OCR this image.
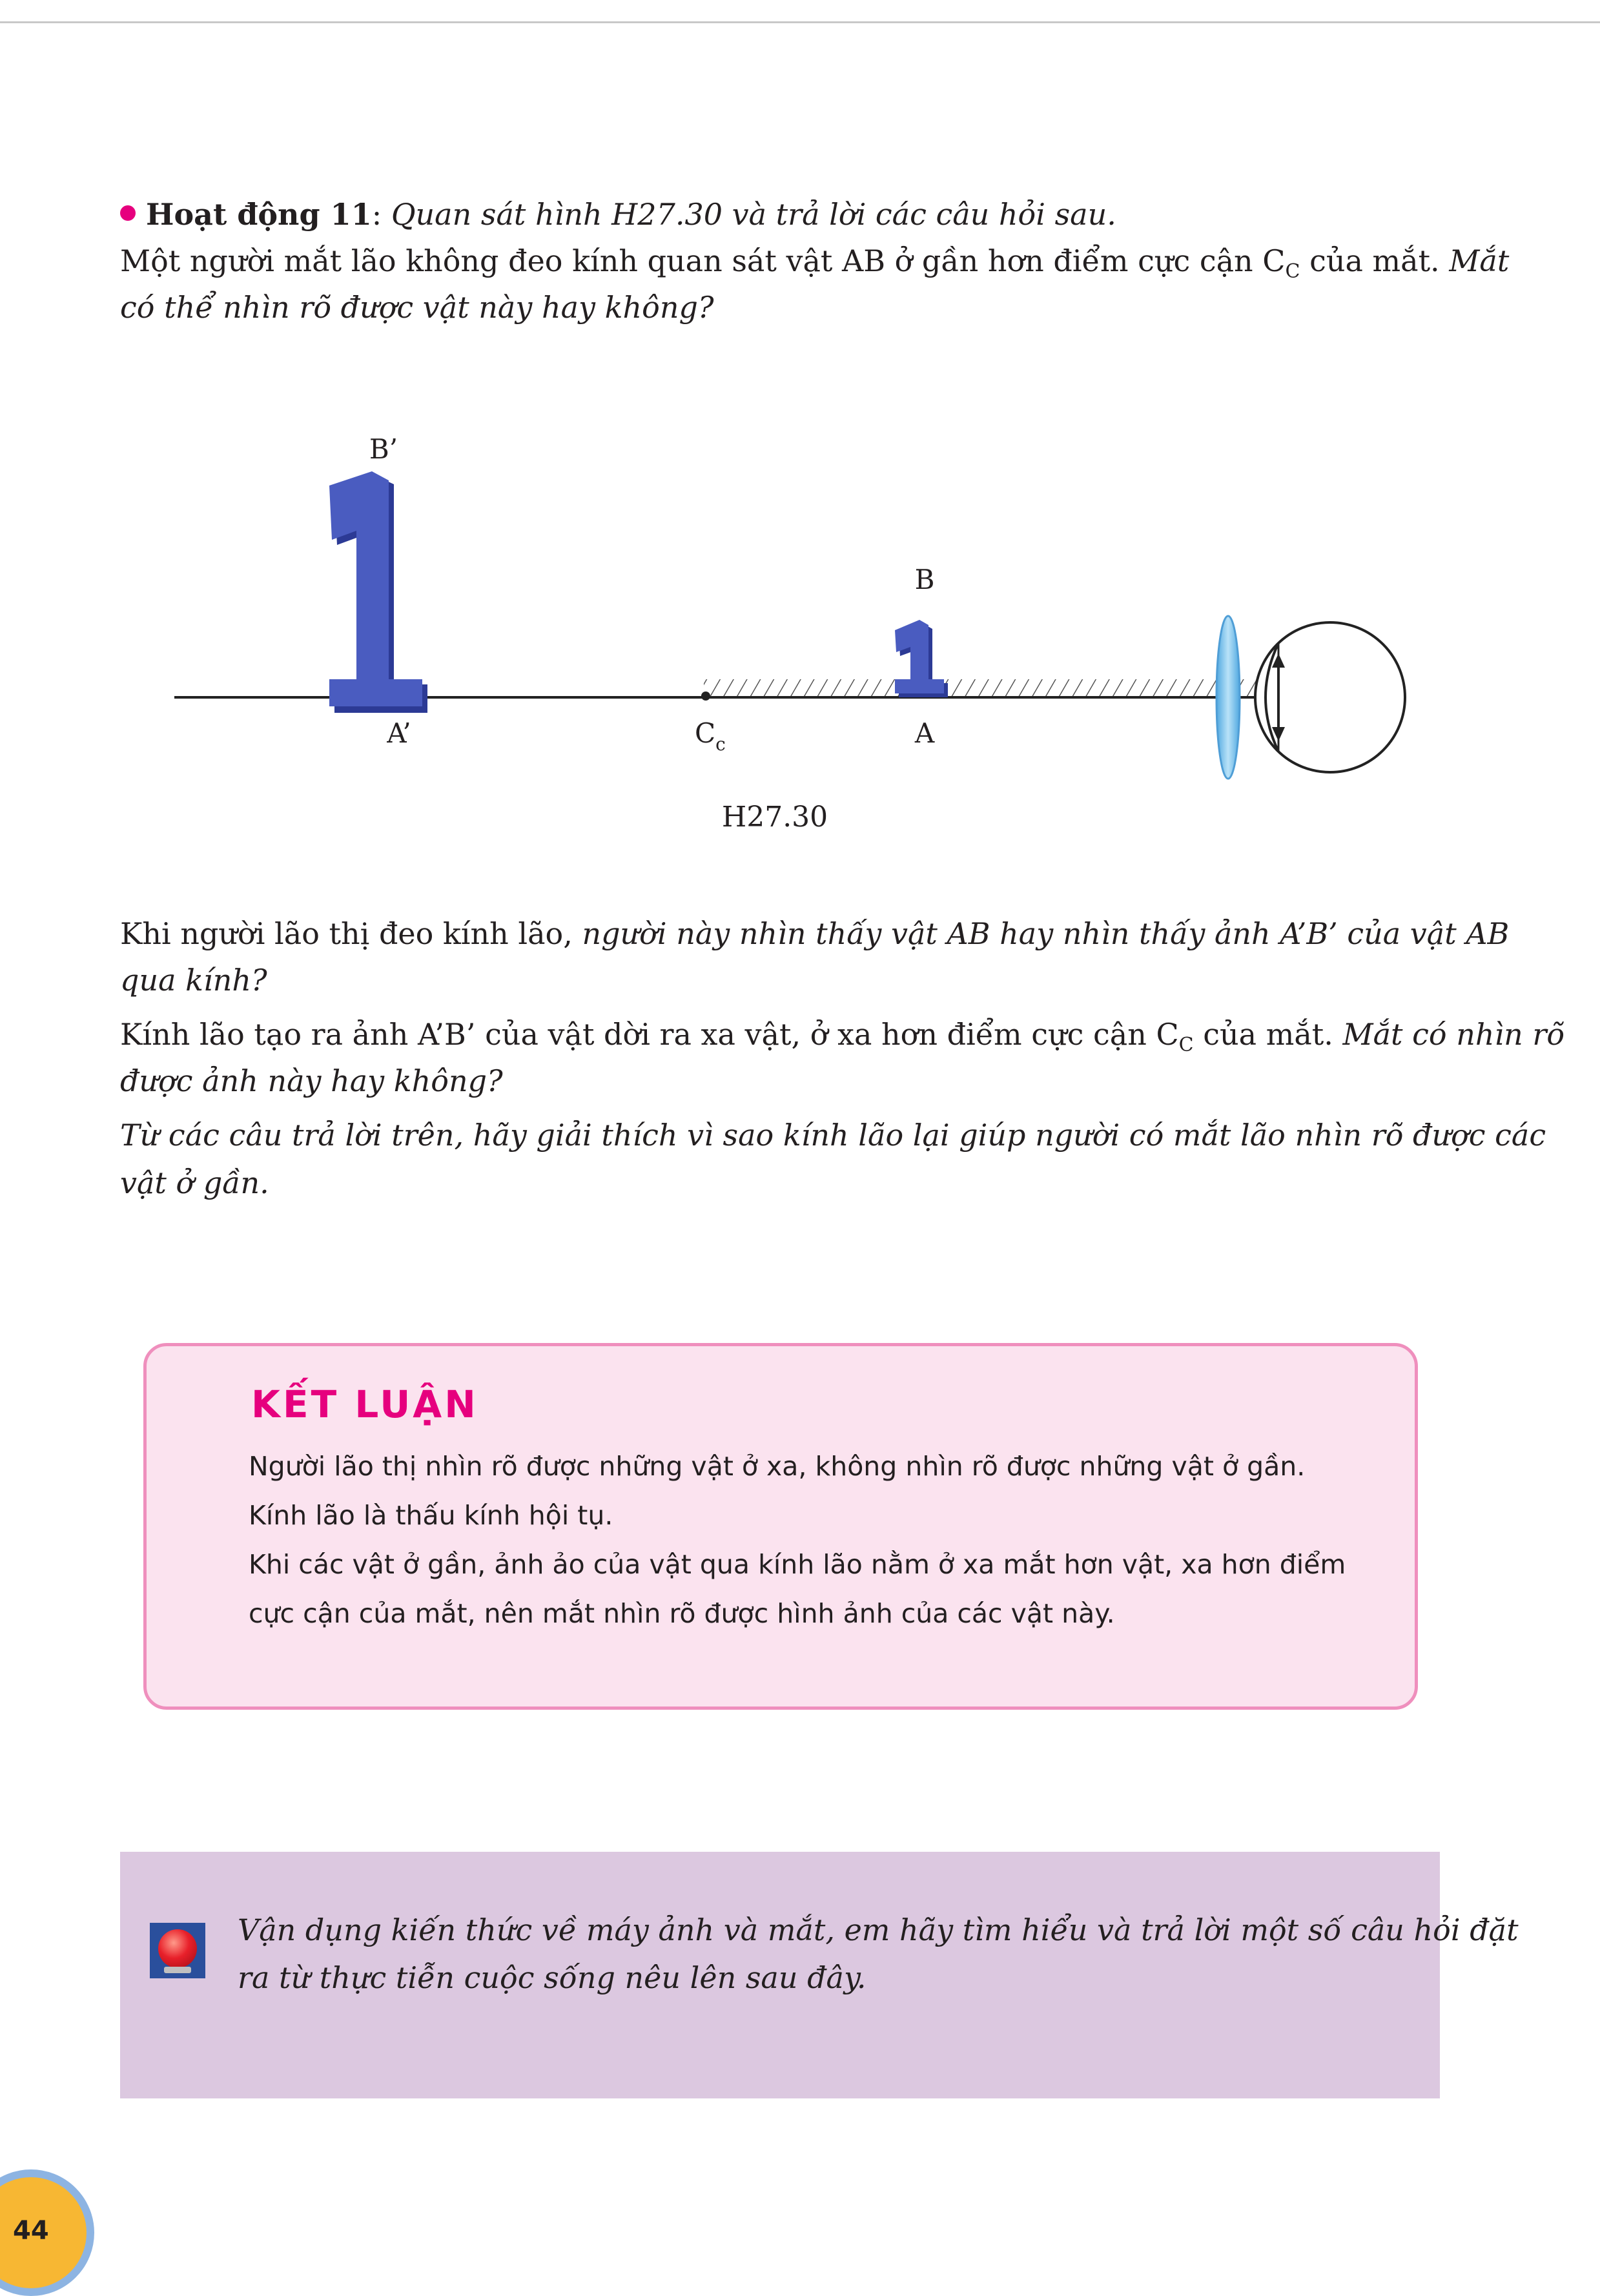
Hoạt động 11: Quan sát hình H27.30 và trả lời các câu hỏi sau.
Một người mắt lão không đeo kính quan sát vật AB ở gần hơn điểm cực cận $C_C$ của mắt. Mắt
có thể nhìn rõ được vật này hay không?
B’
A’
B
A
$C_c$
H27.30
Khi người lão thị đeo kính lão, người này nhìn thấy vật AB hay nhìn thấy ảnh A’B’ của vật AB
qua kính?
Kính lão tạo ra ảnh A’B’ của vật dời ra xa vật, ở xa hơn điểm cực cận $C_C$ của mắt. Mắt có nhìn rõ
được ảnh này hay không?
Từ các câu trả lời trên, hãy giải thích vì sao kính lão lại giúp người có mắt lão nhìn rõ được các
vật ở gần.
KẾT LUẬN
Người lão thị nhìn rõ được những vật ở xa, không nhìn rõ được những vật ở gần.
Kính lão là thấu kính hội tụ.
Khi các vật ở gần, ảnh ảo của vật qua kính lão nằm ở xa mắt hơn vật, xa hơn điểm
cực cận của mắt, nên mắt nhìn rõ được hình ảnh của các vật này.
Vận dụng kiến thức về máy ảnh và mắt, em hãy tìm hiểu và trả lời một số câu hỏi đặt
ra từ thực tiễn cuộc sống nêu lên sau đây.
44
